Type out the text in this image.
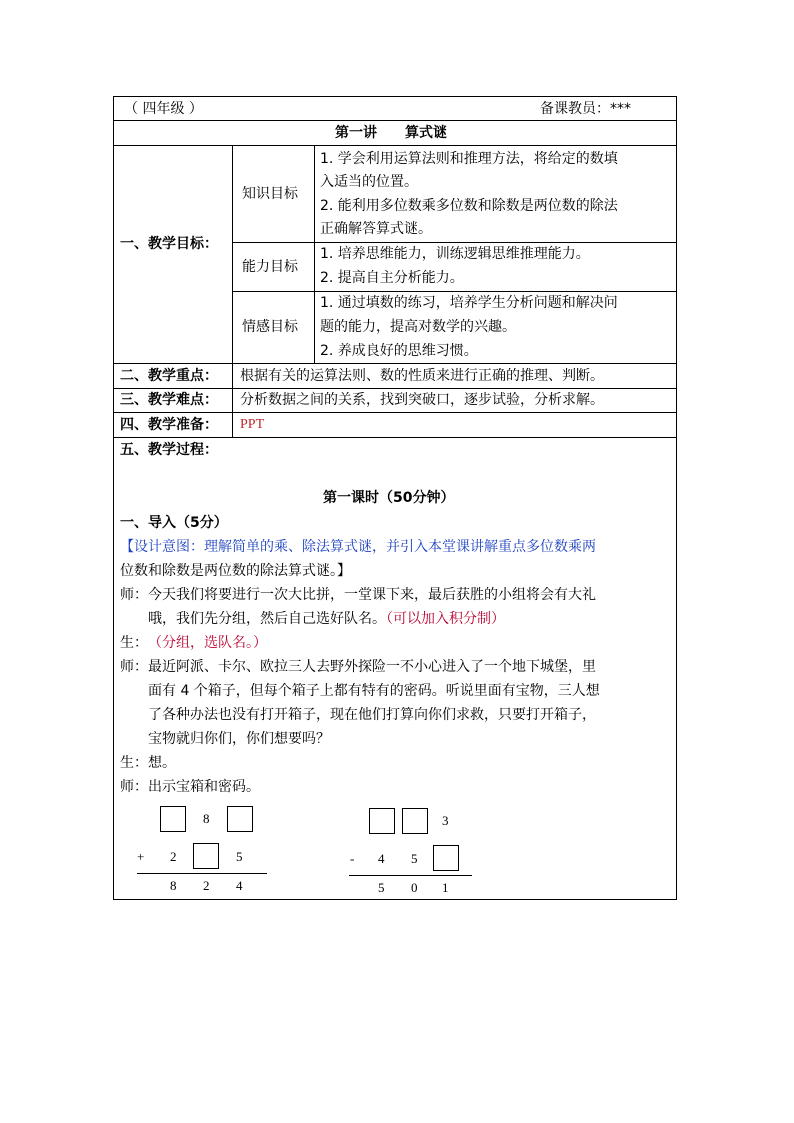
（ 四年级 ）	备课教员：***
第一讲　　算式谜
一、教学目标：
知识目标
1. 学会利用运算法则和推理方法，将给定的数填
入适当的位置。
2. 能利用多位数乘多位数和除数是两位数的除法
正确解答算式谜。
能力目标
1. 培养思维能力，训练逻辑思维推理能力。
2. 提高自主分析能力。
情感目标
1. 通过填数的练习，培养学生分析问题和解决问
题的能力，提高对数学的兴趣。
2. 养成良好的思维习惯。
二、教学重点： 根据有关的运算法则、数的性质来进行正确的推理、判断。
三、教学难点： 分析数据之间的关系，找到突破口，逐步试验，分析求解。
四、教学准备： PPT
五、教学过程：
第一课时（50分钟）
一、导入（5分）
【设计意图：理解简单的乘、除法算式谜，并引入本堂课讲解重点多位数乘两
位数和除数是两位数的除法算式谜。】
师： 今天我们将要进行一次大比拼，一堂课下来，最后获胜的小组将会有大礼
哦，我们先分组，然后自己选好队名。（可以加入积分制）
生： （分组，选队名。）
师： 最近阿派、卡尔、欧拉三人去野外探险一不小心进入了一个地下城堡，里
面有 4 个箱子，但每个箱子上都有特有的密码。听说里面有宝物，三人想
了各种办法也没有打开箱子，现在他们打算向你们求救，只要打开箱子，
宝物就归你们，你们想要吗？
生： 想。
师： 出示宝箱和密码。
8
+ 2	5
8 2 4
3
- 4 5
5 0 1
